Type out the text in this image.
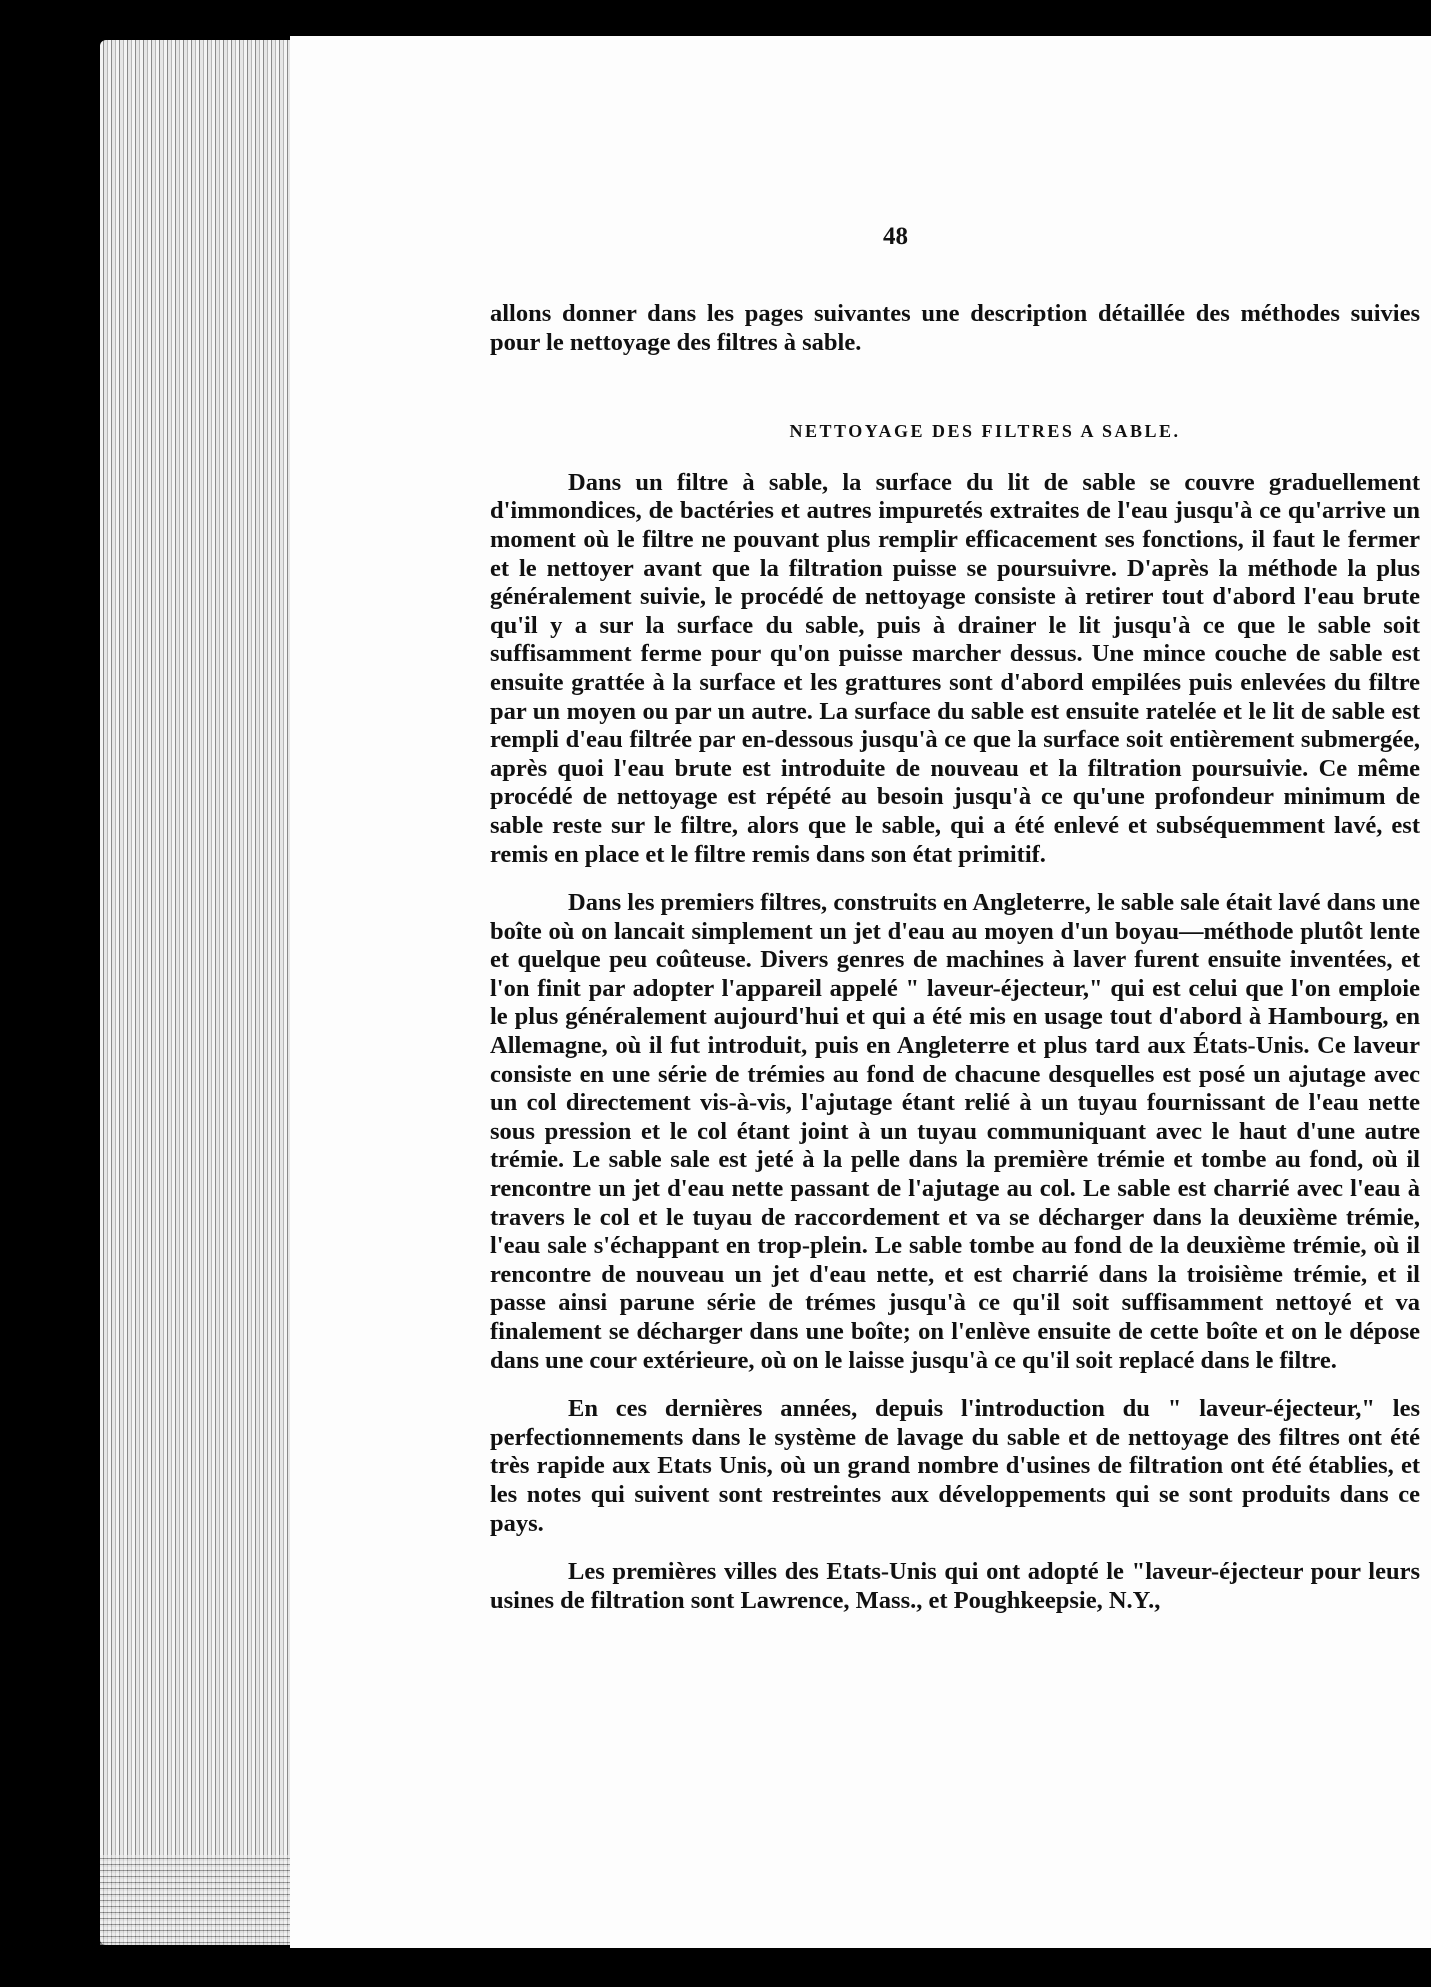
48

allons donner dans les pages suivantes une description détaillée des méthodes suivies pour le nettoyage des filtres à sable.

NETTOYAGE DES FILTRES A SABLE.

Dans un filtre à sable, la surface du lit de sable se couvre graduellement d'immondices, de bactéries et autres impuretés extraites de l'eau jusqu'à ce qu'arrive un moment où le filtre ne pouvant plus remplir efficacement ses fonctions, il faut le fermer et le nettoyer avant que la filtration puisse se poursuivre. D'après la méthode la plus généralement suivie, le procédé de nettoyage consiste à retirer tout d'abord l'eau brute qu'il y a sur la surface du sable, puis à drainer le lit jusqu'à ce que le sable soit suffisamment ferme pour qu'on puisse marcher dessus. Une mince couche de sable est ensuite grattée à la surface et les grattures sont d'abord empilées puis enlevées du filtre par un moyen ou par un autre. La surface du sable est ensuite ratelée et le lit de sable est rempli d'eau filtrée par en-dessous jusqu'à ce que la surface soit entièrement submergée, après quoi l'eau brute est introduite de nouveau et la filtration poursuivie. Ce même procédé de nettoyage est répété au besoin jusqu'à ce qu'une profondeur minimum de sable reste sur le filtre, alors que le sable, qui a été enlevé et subséquemment lavé, est remis en place et le filtre remis dans son état primitif.

Dans les premiers filtres, construits en Angleterre, le sable sale était lavé dans une boîte où on lancait simplement un jet d'eau au moyen d'un boyau—méthode plutôt lente et quelque peu coûteuse. Divers genres de machines à laver furent ensuite inventées, et l'on finit par adopter l'appareil appelé " laveur-éjecteur," qui est celui que l'on emploie le plus généralement aujourd'hui et qui a été mis en usage tout d'abord à Hambourg, en Allemagne, où il fut introduit, puis en Angleterre et plus tard aux États-Unis. Ce laveur consiste en une série de trémies au fond de chacune desquelles est posé un ajutage avec un col directement vis-à-vis, l'ajutage étant relié à un tuyau fournissant de l'eau nette sous pression et le col étant joint à un tuyau communiquant avec le haut d'une autre trémie. Le sable sale est jeté à la pelle dans la première trémie et tombe au fond, où il rencontre un jet d'eau nette passant de l'ajutage au col. Le sable est charrié avec l'eau à travers le col et le tuyau de raccordement et va se décharger dans la deuxième trémie, l'eau sale s'échappant en trop-plein. Le sable tombe au fond de la deuxième trémie, où il rencontre de nouveau un jet d'eau nette, et est charrié dans la troisième trémie, et il passe ainsi parune série de trémes jusqu'à ce qu'il soit suffisamment nettoyé et va finalement se décharger dans une boîte; on l'enlève ensuite de cette boîte et on le dépose dans une cour extérieure, où on le laisse jusqu'à ce qu'il soit replacé dans le filtre.

En ces dernières années, depuis l'introduction du " laveur-éjecteur," les perfectionnements dans le système de lavage du sable et de nettoyage des filtres ont été très rapide aux Etats Unis, où un grand nombre d'usines de filtration ont été établies, et les notes qui suivent sont restreintes aux développements qui se sont produits dans ce pays.

Les premières villes des Etats-Unis qui ont adopté le "laveur-éjecteur pour leurs usines de filtration sont Lawrence, Mass., et Poughkeepsie, N.Y.,
